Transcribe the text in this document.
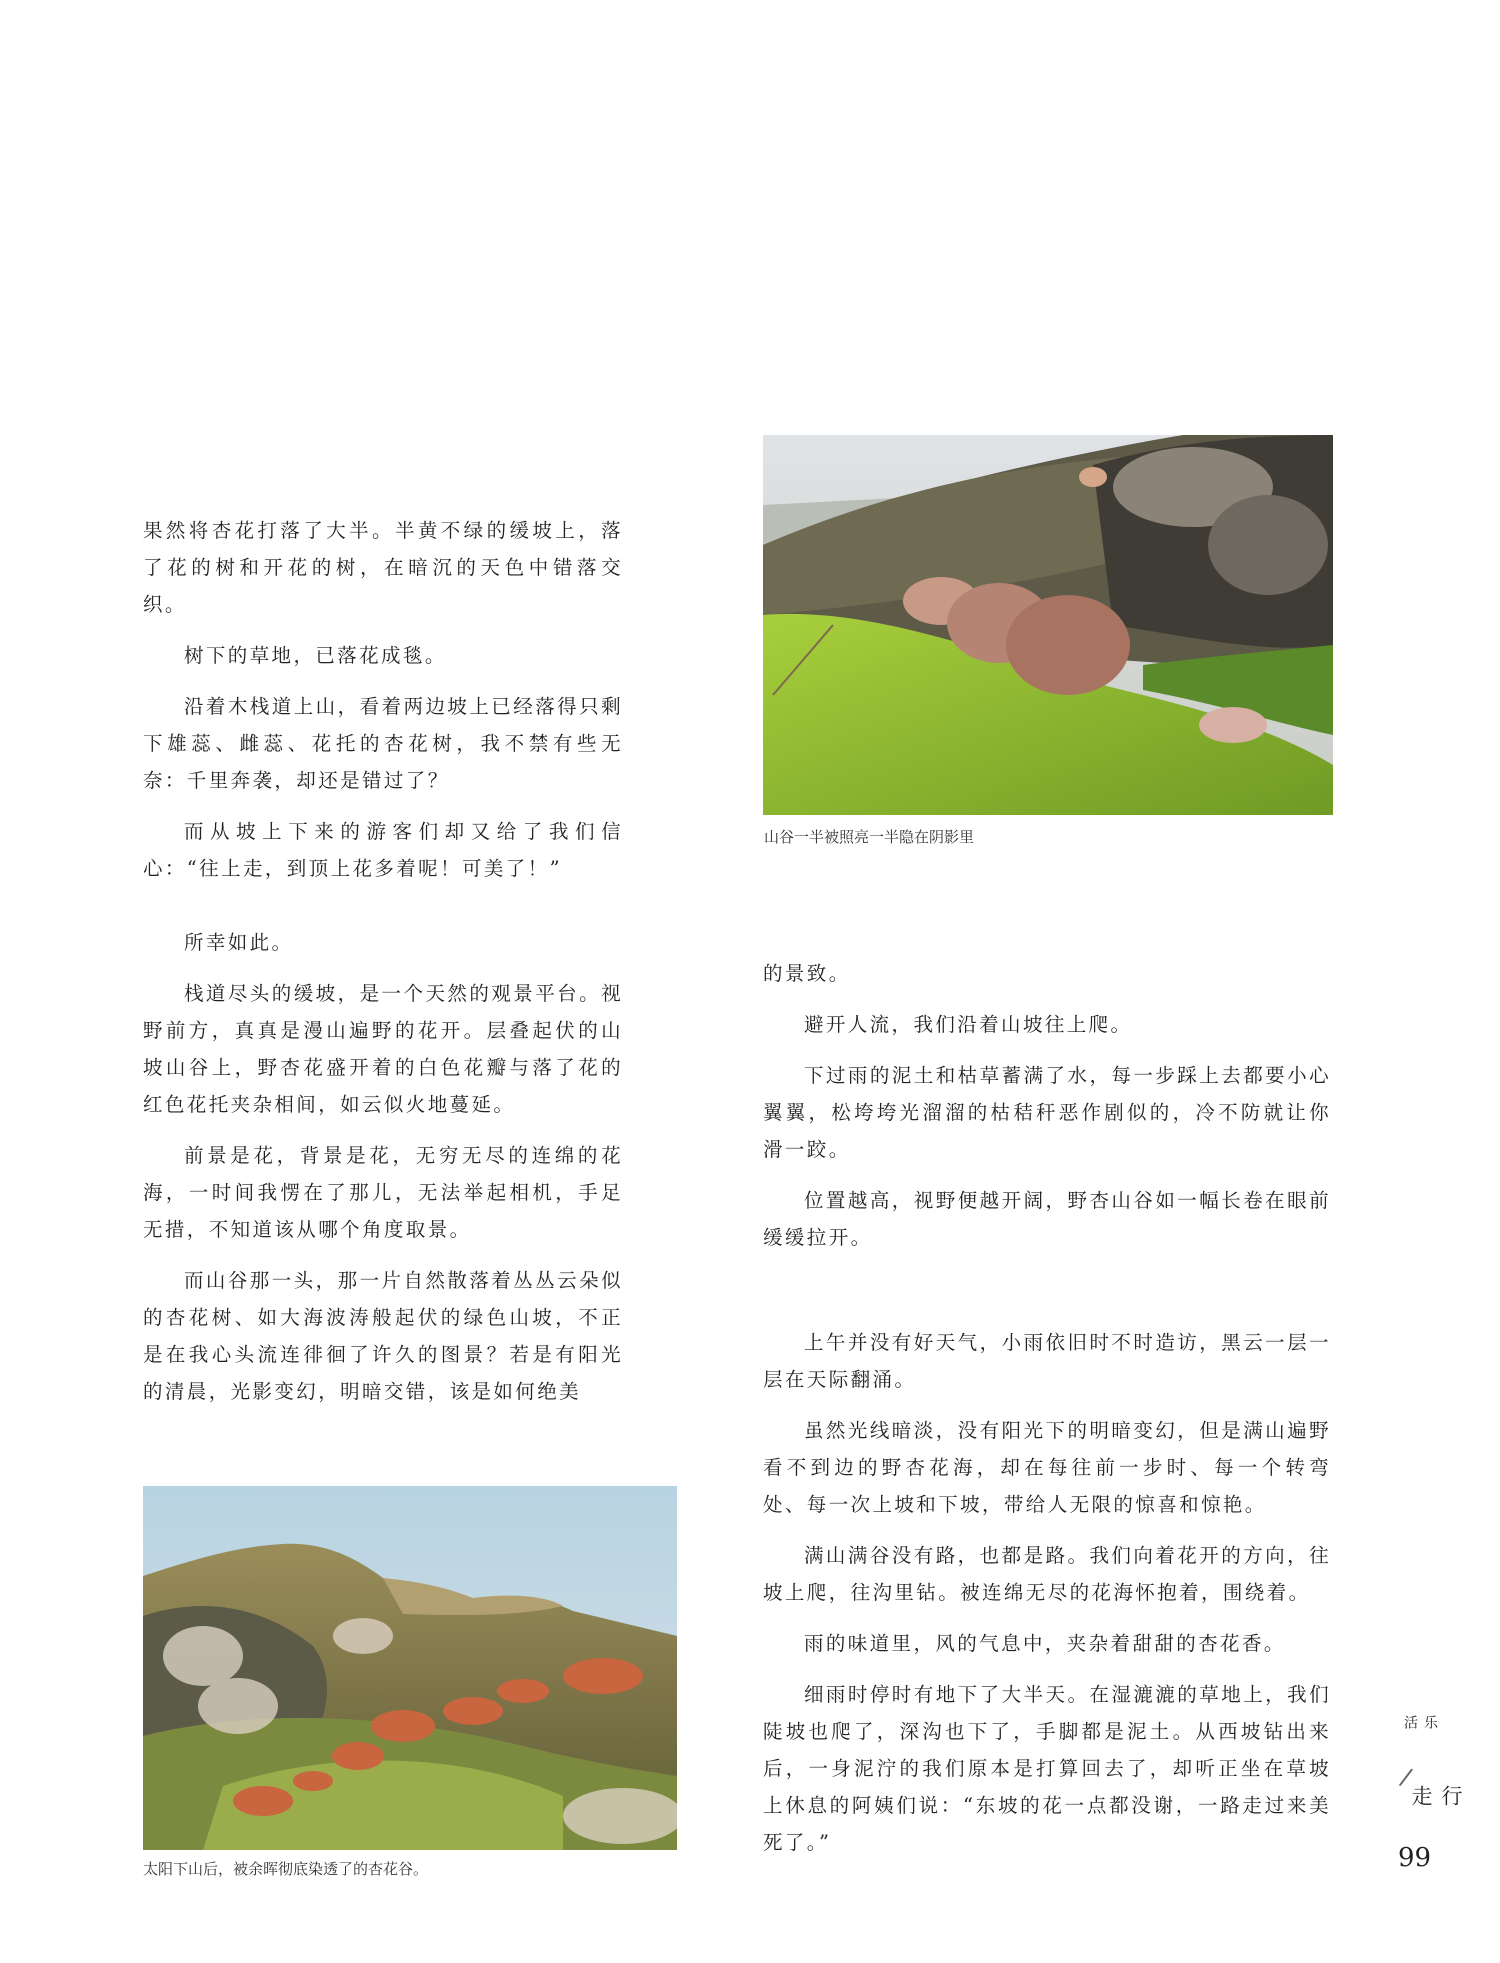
果然将杏花打落了大半。半黄不绿的缓坡上，落了花的树和开花的树，在暗沉的天色中错落交织。

树下的草地，已落花成毯。

沿着木栈道上山，看着两边坡上已经落得只剩下雄蕊、雌蕊、花托的杏花树，我不禁有些无奈：千里奔袭，却还是错过了？

而从坡上下来的游客们却又给了我们信心：“往上走，到顶上花多着呢！可美了！”

所幸如此。

栈道尽头的缓坡，是一个天然的观景平台。视野前方，真真是漫山遍野的花开。层叠起伏的山坡山谷上，野杏花盛开着的白色花瓣与落了花的红色花托夹杂相间，如云似火地蔓延。

前景是花，背景是花，无穷无尽的连绵的花海，一时间我愣在了那儿，无法举起相机，手足无措，不知道该从哪个角度取景。

而山谷那一头，那一片自然散落着丛丛云朵似的杏花树、如大海波涛般起伏的绿色山坡，不正是在我心头流连徘徊了许久的图景？若是有阳光的清晨，光影变幻，明暗交错，该是如何绝美

的景致。

避开人流，我们沿着山坡往上爬。

下过雨的泥土和枯草蓄满了水，每一步踩上去都要小心翼翼，松垮垮光溜溜的枯秸秆恶作剧似的，冷不防就让你滑一跤。

位置越高，视野便越开阔，野杏山谷如一幅长卷在眼前缓缓拉开。

上午并没有好天气，小雨依旧时不时造访，黑云一层一层在天际翻涌。

虽然光线暗淡，没有阳光下的明暗变幻，但是满山遍野看不到边的野杏花海，却在每往前一步时、每一个转弯处、每一次上坡和下坡，带给人无限的惊喜和惊艳。

满山满谷没有路，也都是路。我们向着花开的方向，往坡上爬，往沟里钻。被连绵无尽的花海怀抱着，围绕着。

雨的味道里，风的气息中，夹杂着甜甜的杏花香。

细雨时停时有地下了大半天。在湿漉漉的草地上，我们陡坡也爬了，深沟也下了，手脚都是泥土。从西坡钻出来后，一身泥泞的我们原本是打算回去了，却听正坐在草坡上休息的阿姨们说：“东坡的花一点都没谢，一路走过来美死了。”

山谷一半被照亮一半隐在阴影里
太阳下山后，被余晖彻底染透了的杏花谷。
乐活
/
行走
99
